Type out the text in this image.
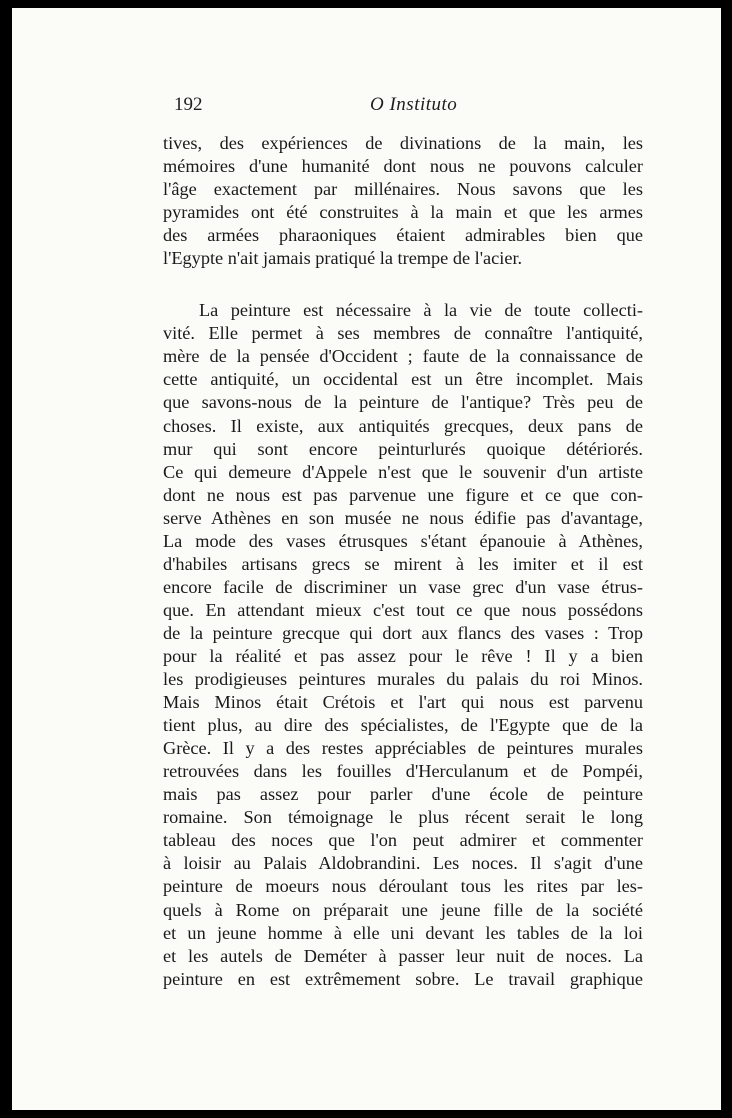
192	O Instituto

tives, des expériences de divinations de la main, les
mémoires d'une humanité dont nous ne pouvons calculer
l'âge exactement par millénaires. Nous savons que les
pyramides ont été construites à la main et que les armes
des armées pharaoniques étaient admirables bien que
l'Egypte n'ait jamais pratiqué la trempe de l'acier.

La peinture est nécessaire à la vie de toute collecti-
vité. Elle permet à ses membres de connaître l'antiquité,
mère de la pensée d'Occident ; faute de la connaissance de
cette antiquité, un occidental est un être incomplet. Mais
que savons-nous de la peinture de l'antique? Très peu de
choses. Il existe, aux antiquités grecques, deux pans de
mur qui sont encore peinturlurés quoique détériorés.
Ce qui demeure d'Appele n'est que le souvenir d'un artiste
dont ne nous est pas parvenue une figure et ce que con-
serve Athènes en son musée ne nous édifie pas d'avantage,
La mode des vases étrusques s'étant épanouie à Athènes,
d'habiles artisans grecs se mirent à les imiter et il est
encore facile de discriminer un vase grec d'un vase étrus-
que. En attendant mieux c'est tout ce que nous possédons
de la peinture grecque qui dort aux flancs des vases : Trop
pour la réalité et pas assez pour le rêve ! Il y a bien
les prodigieuses peintures murales du palais du roi Minos.
Mais Minos était Crétois et l'art qui nous est parvenu
tient plus, au dire des spécialistes, de l'Egypte que de la
Grèce. Il y a des restes appréciables de peintures murales
retrouvées dans les fouilles d'Herculanum et de Pompéi,
mais pas assez pour parler d'une école de peinture
romaine. Son témoignage le plus récent serait le long
tableau des noces que l'on peut admirer et commenter
à loisir au Palais Aldobrandini. Les noces. Il s'agit d'une
peinture de moeurs nous déroulant tous les rites par les-
quels à Rome on préparait une jeune fille de la société
et un jeune homme à elle uni devant les tables de la loi
et les autels de Deméter à passer leur nuit de noces. La
peinture en est extrêmement sobre. Le travail graphique
